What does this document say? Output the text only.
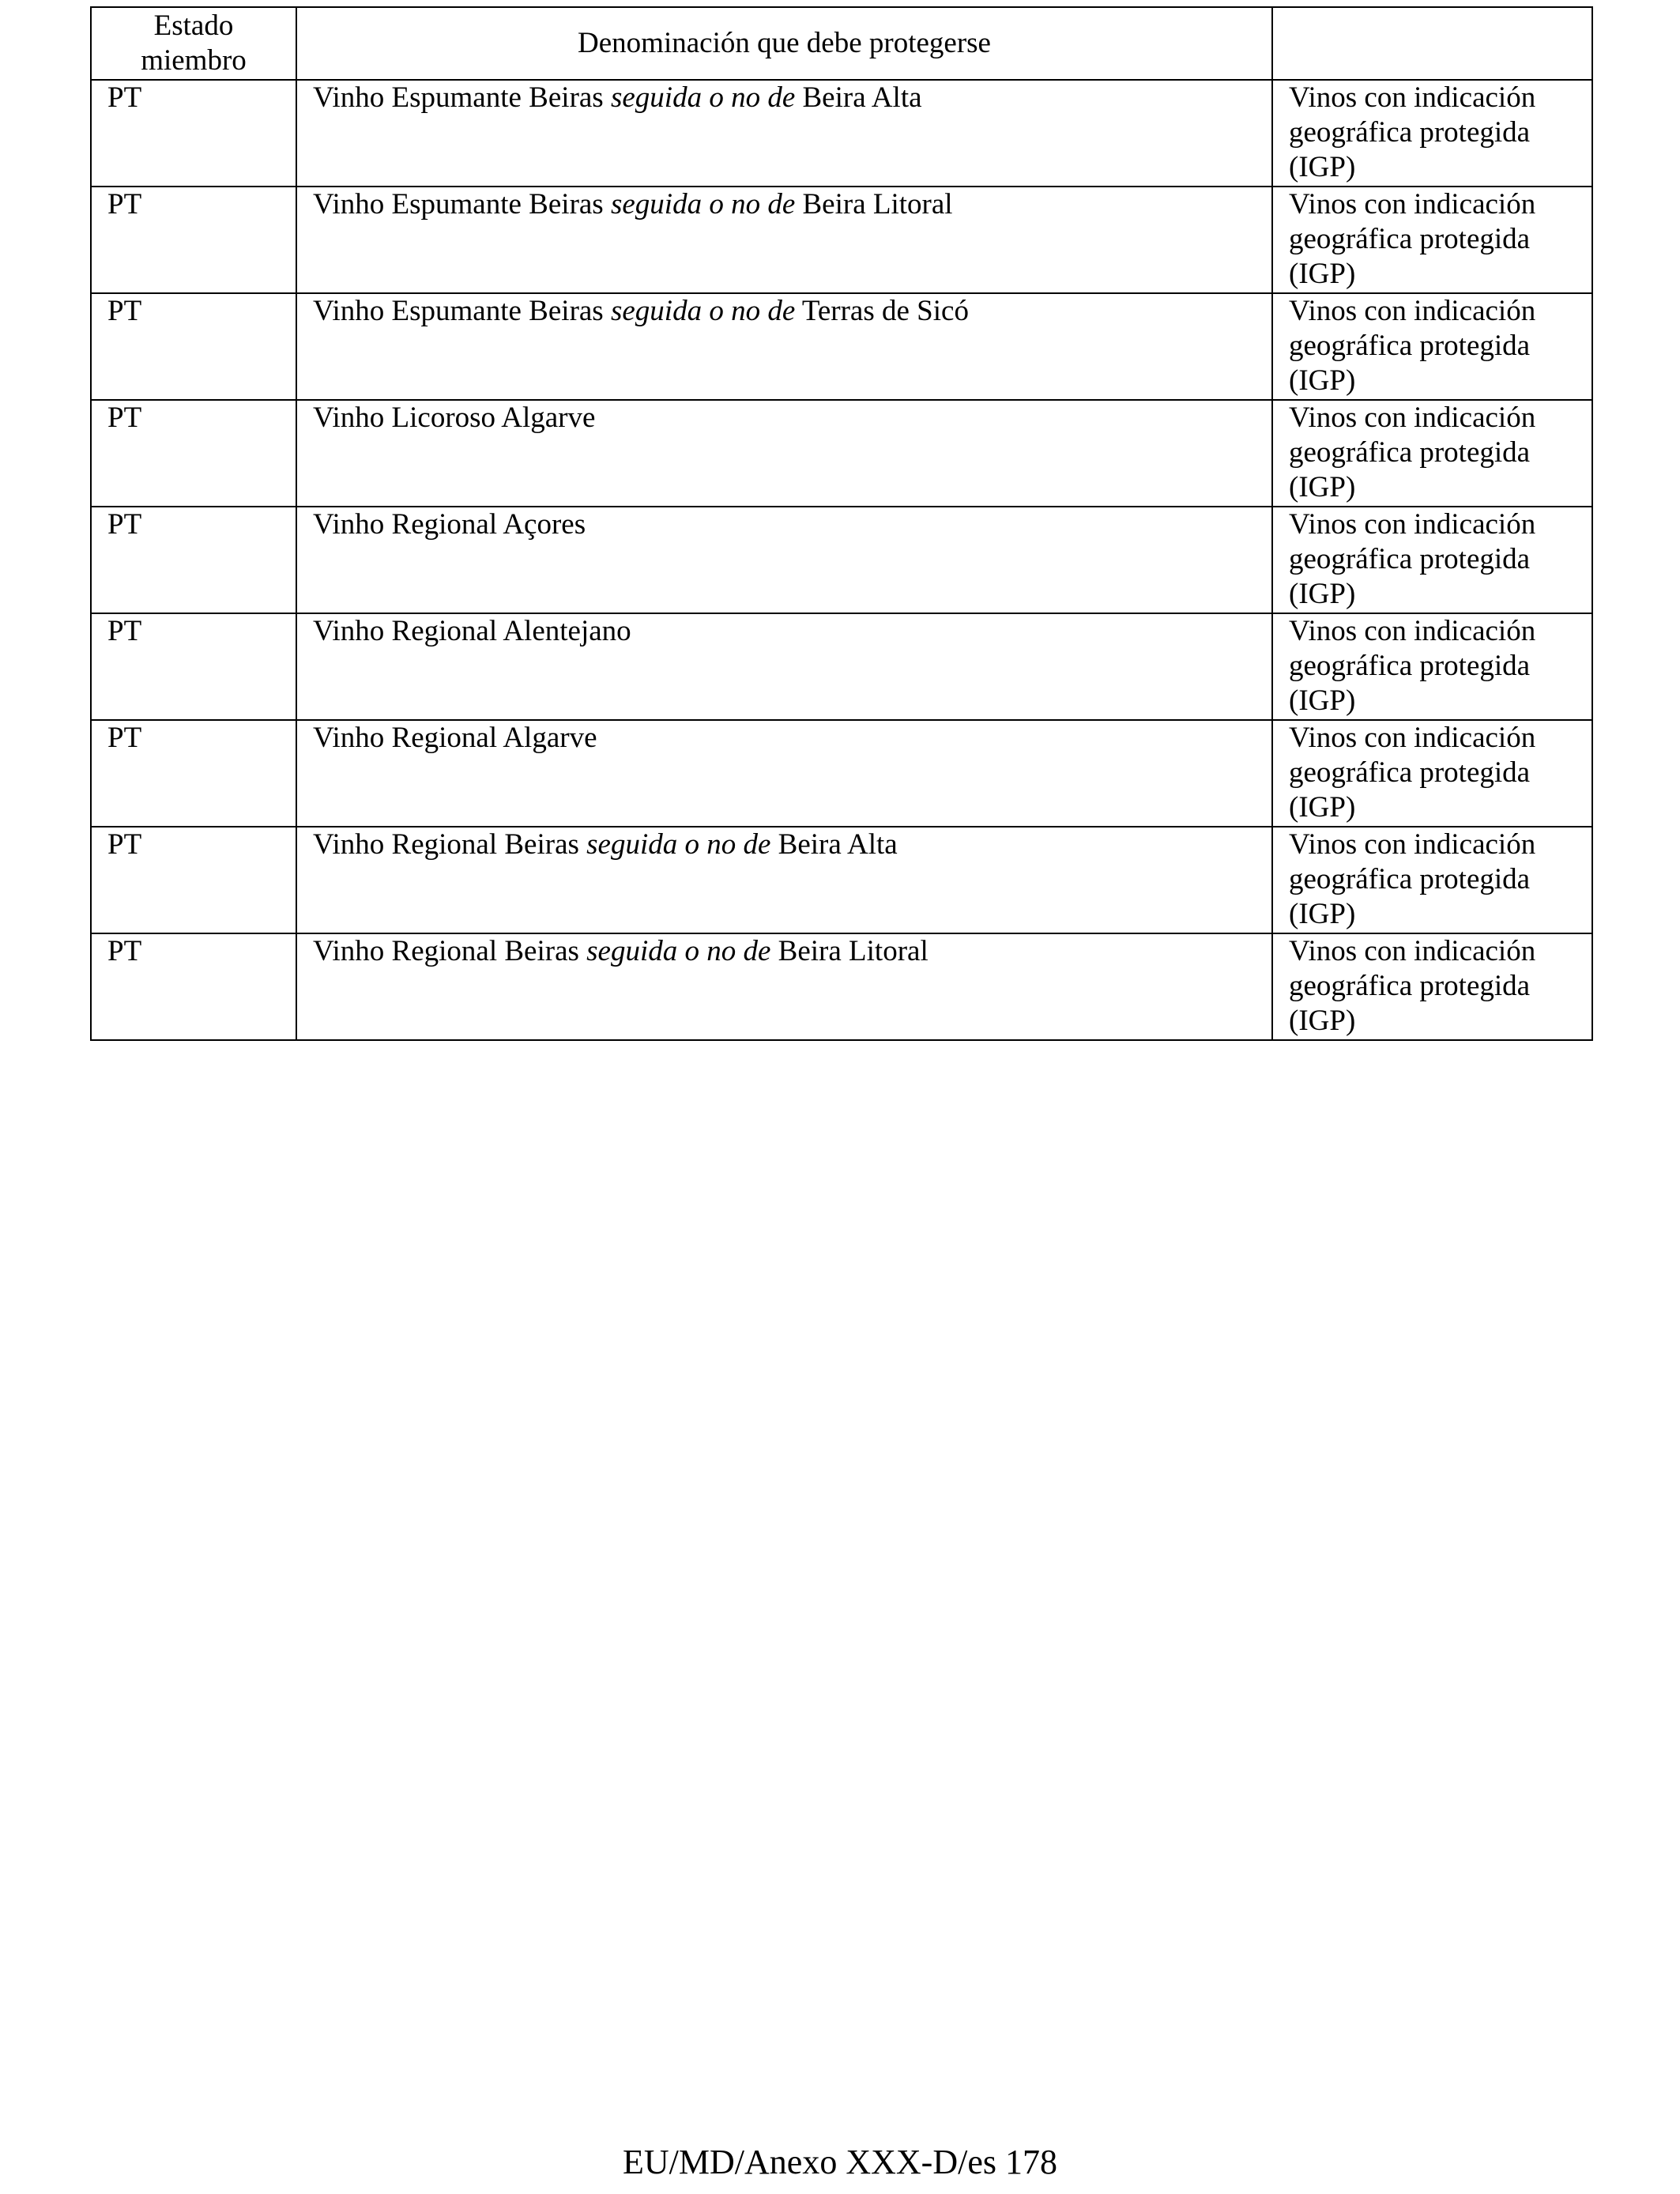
Estado
miembro	Denominación que debe protegerse	
PT	Vinho Espumante Beiras seguida o no de Beira Alta	Vinos con indicación
geográfica protegida
(IGP)

PT	Vinho Espumante Beiras seguida o no de Beira Litoral	Vinos con indicación
geográfica protegida
(IGP)

PT	Vinho Espumante Beiras seguida o no de Terras de Sicó	Vinos con indicación
geográfica protegida
(IGP)

PT	Vinho Licoroso Algarve	Vinos con indicación
geográfica protegida
(IGP)

PT	Vinho Regional Açores	Vinos con indicación
geográfica protegida
(IGP)

PT	Vinho Regional Alentejano	Vinos con indicación
geográfica protegida
(IGP)

PT	Vinho Regional Algarve	Vinos con indicación
geográfica protegida
(IGP)

PT	Vinho Regional Beiras seguida o no de Beira Alta	Vinos con indicación
geográfica protegida
(IGP)

PT	Vinho Regional Beiras seguida o no de Beira Litoral	Vinos con indicación
geográfica protegida
(IGP)
EU/MD/Anexo XXX-D/es 178
